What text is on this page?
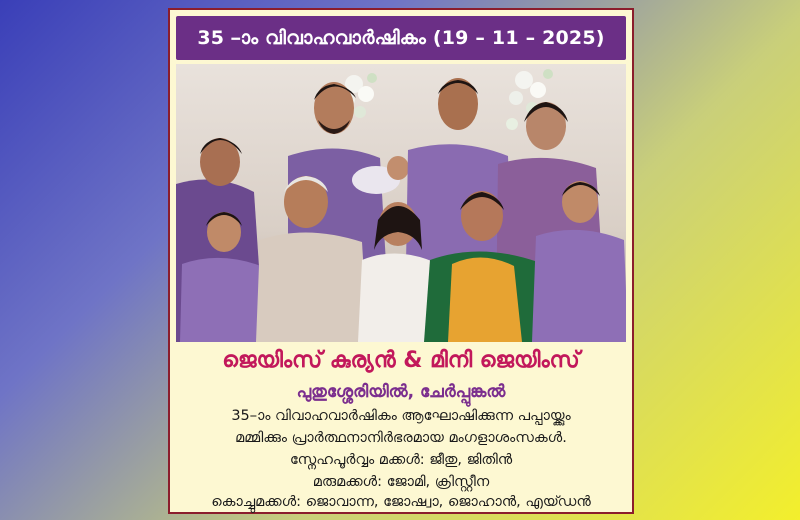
35 –ാം വിവാഹവാർഷികം (19 – 11 – 2025)
ജെയിംസ് കുര്യൻ & മിനി ജെയിംസ്
പുതുശ്ശേരിയിൽ, ചേർപ്പുങ്കൽ
35–ാം വിവാഹവാർഷികം ആഘോഷിക്കുന്ന പപ്പായ്ക്കും
മമ്മിക്കും പ്രാർത്ഥനാനിർഭരമായ മംഗളാശംസകൾ.
സ്നേഹപൂർവ്വം മക്കൾ: ജീതു, ജിതിൻ
മരുമക്കൾ: ജോമി, ക്രിസ്റ്റീന
കൊച്ചുമക്കൾ: ജൊവാന്ന, ജോഷ്വാ, ജൊഹാൻ, എയ്ഡൻ
